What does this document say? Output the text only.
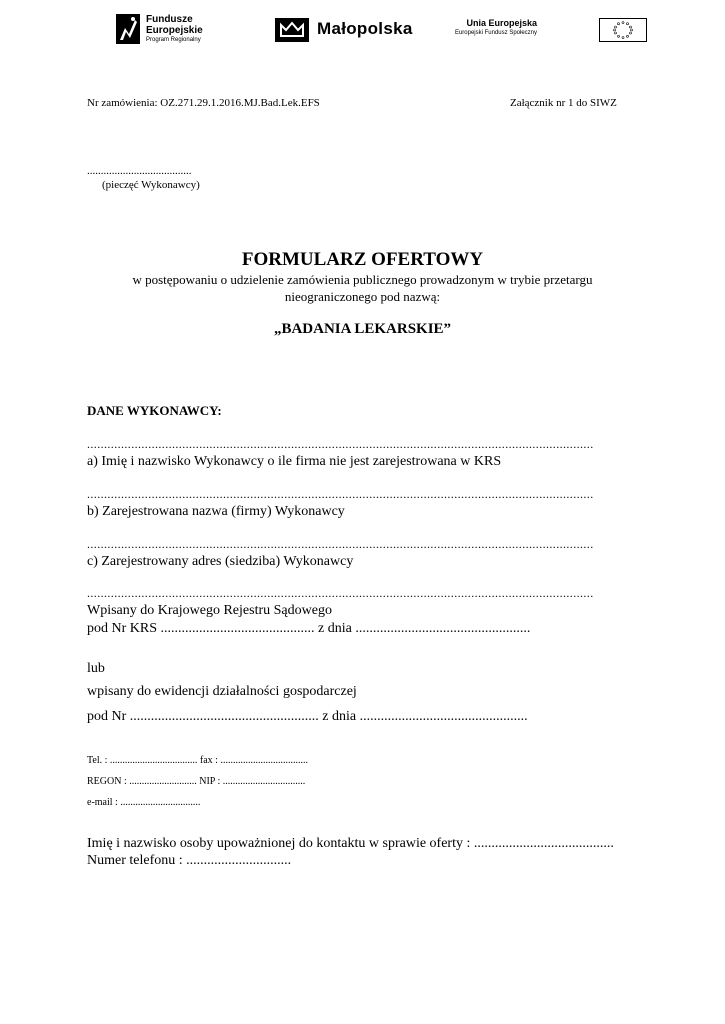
Fundusze
Europejskie
Program Regionalny
Małopolska	Unia Europejska
Europejski Fundusz Społeczny
Nr zamówienia: OZ.271.29.1.2016.MJ.Bad.Lek.EFS	Załącznik nr 1 do SIWZ
......................................
(pieczęć Wykonawcy)
FORMULARZ OFERTOWY
w postępowaniu o udzielenie zamówienia publicznego prowadzonym w trybie przetargu
nieograniczonego pod nazwą:
„BADANIA LEKARSKIE”
DANE WYKONAWCY:
.....................................................................................................................................................
a) Imię i nazwisko Wykonawcy o ile firma nie jest zarejestrowana w KRS
.....................................................................................................................................................
b) Zarejestrowana nazwa (firmy) Wykonawcy
.....................................................................................................................................................
c) Zarejestrowany adres (siedziba) Wykonawcy
.....................................................................................................................................................
Wpisany do Krajowego Rejestru Sądowego
pod Nr KRS ............................................ z dnia ..................................................
lub
wpisany do ewidencji działalności gospodarczej
pod Nr ...................................................... z dnia ................................................
Tel. : ................................... fax : ...................................
REGON : ........................... NIP : .................................
e-mail : ................................
Imię i nazwisko osoby upoważnionej do kontaktu w sprawie oferty : ........................................
Numer telefonu : ..............................
